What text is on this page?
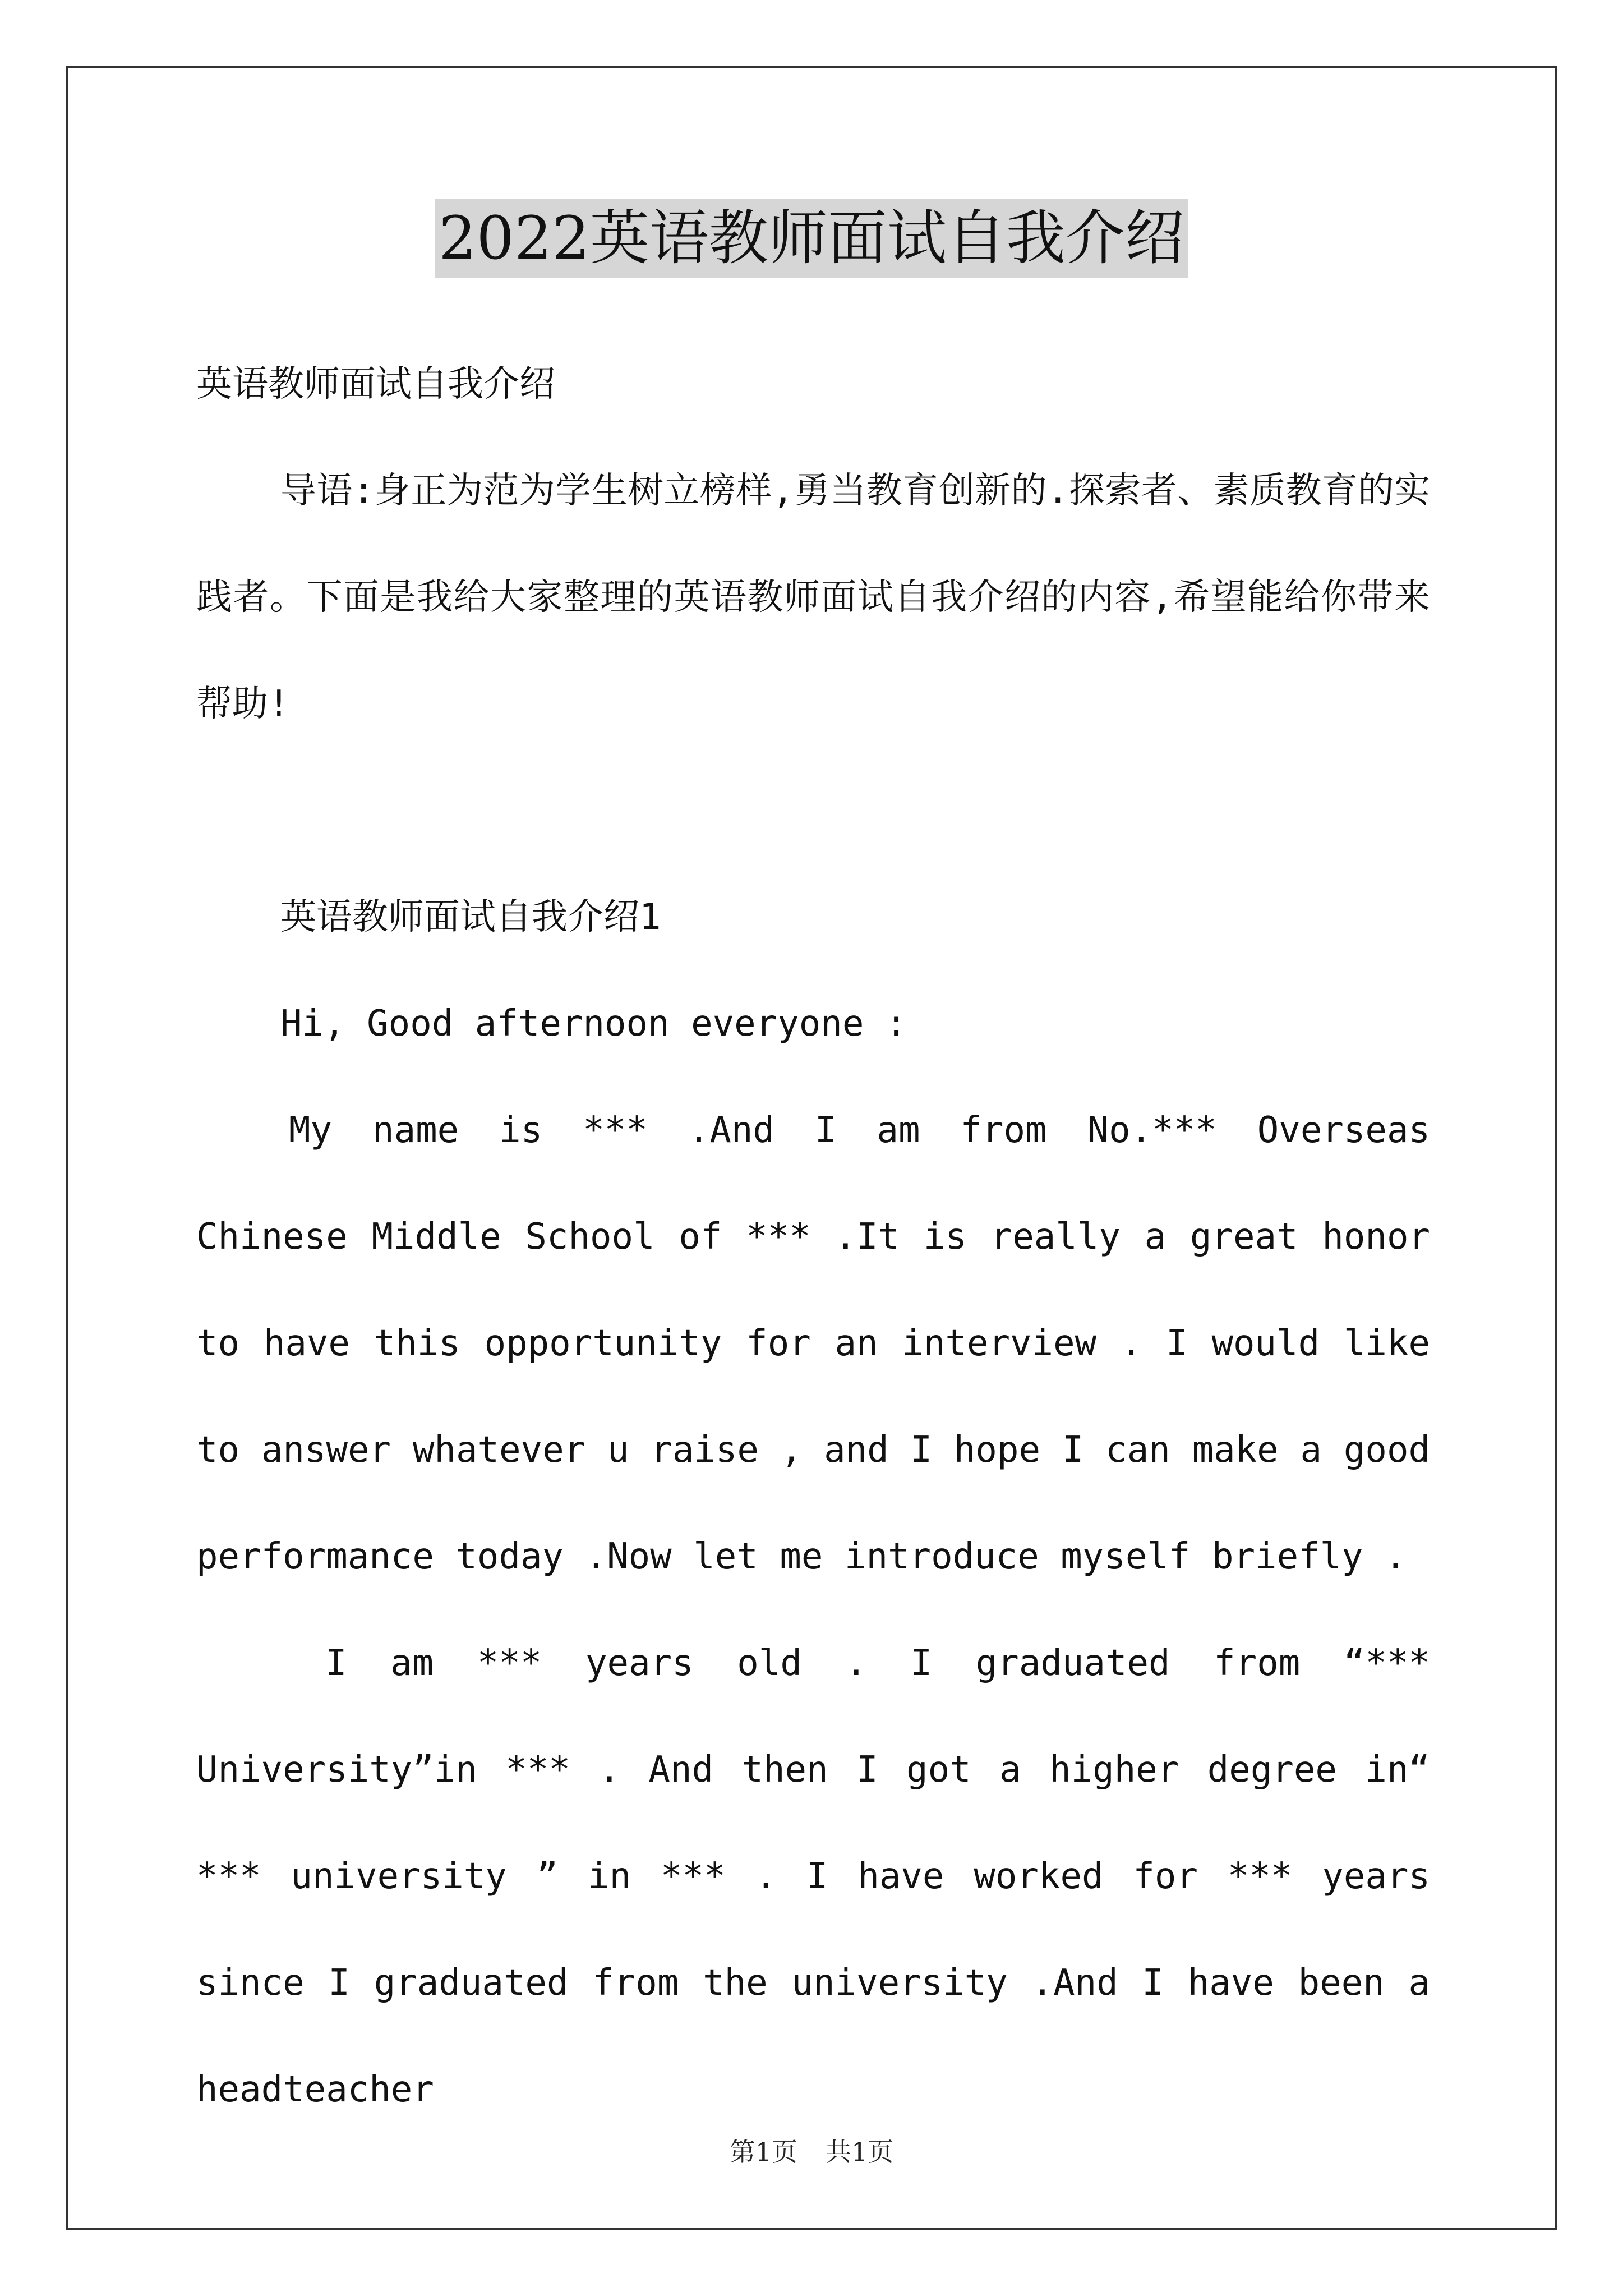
2022英语教师面试自我介绍

英语教师面试自我介绍

导语:身正为范为学生树立榜样,勇当教育创新的.探索者、素质教育的实践者。下面是我给大家整理的英语教师面试自我介绍的内容,希望能给你带来帮助!

英语教师面试自我介绍1

Hi, Good afternoon everyone :

My name is *** .And I am from No.*** Overseas Chinese Middle School of *** .It is really a great honor to have this opportunity for an interview . I would like to answer whatever u raise , and I hope I can make a good performance today .Now let me introduce myself briefly .

I am *** years old . I graduated from “*** University”in *** . And then I got a higher degree in“ *** university ” in *** . I have worked for *** years since I graduated from the university .And I have been a headteacher

第1页 共1页
